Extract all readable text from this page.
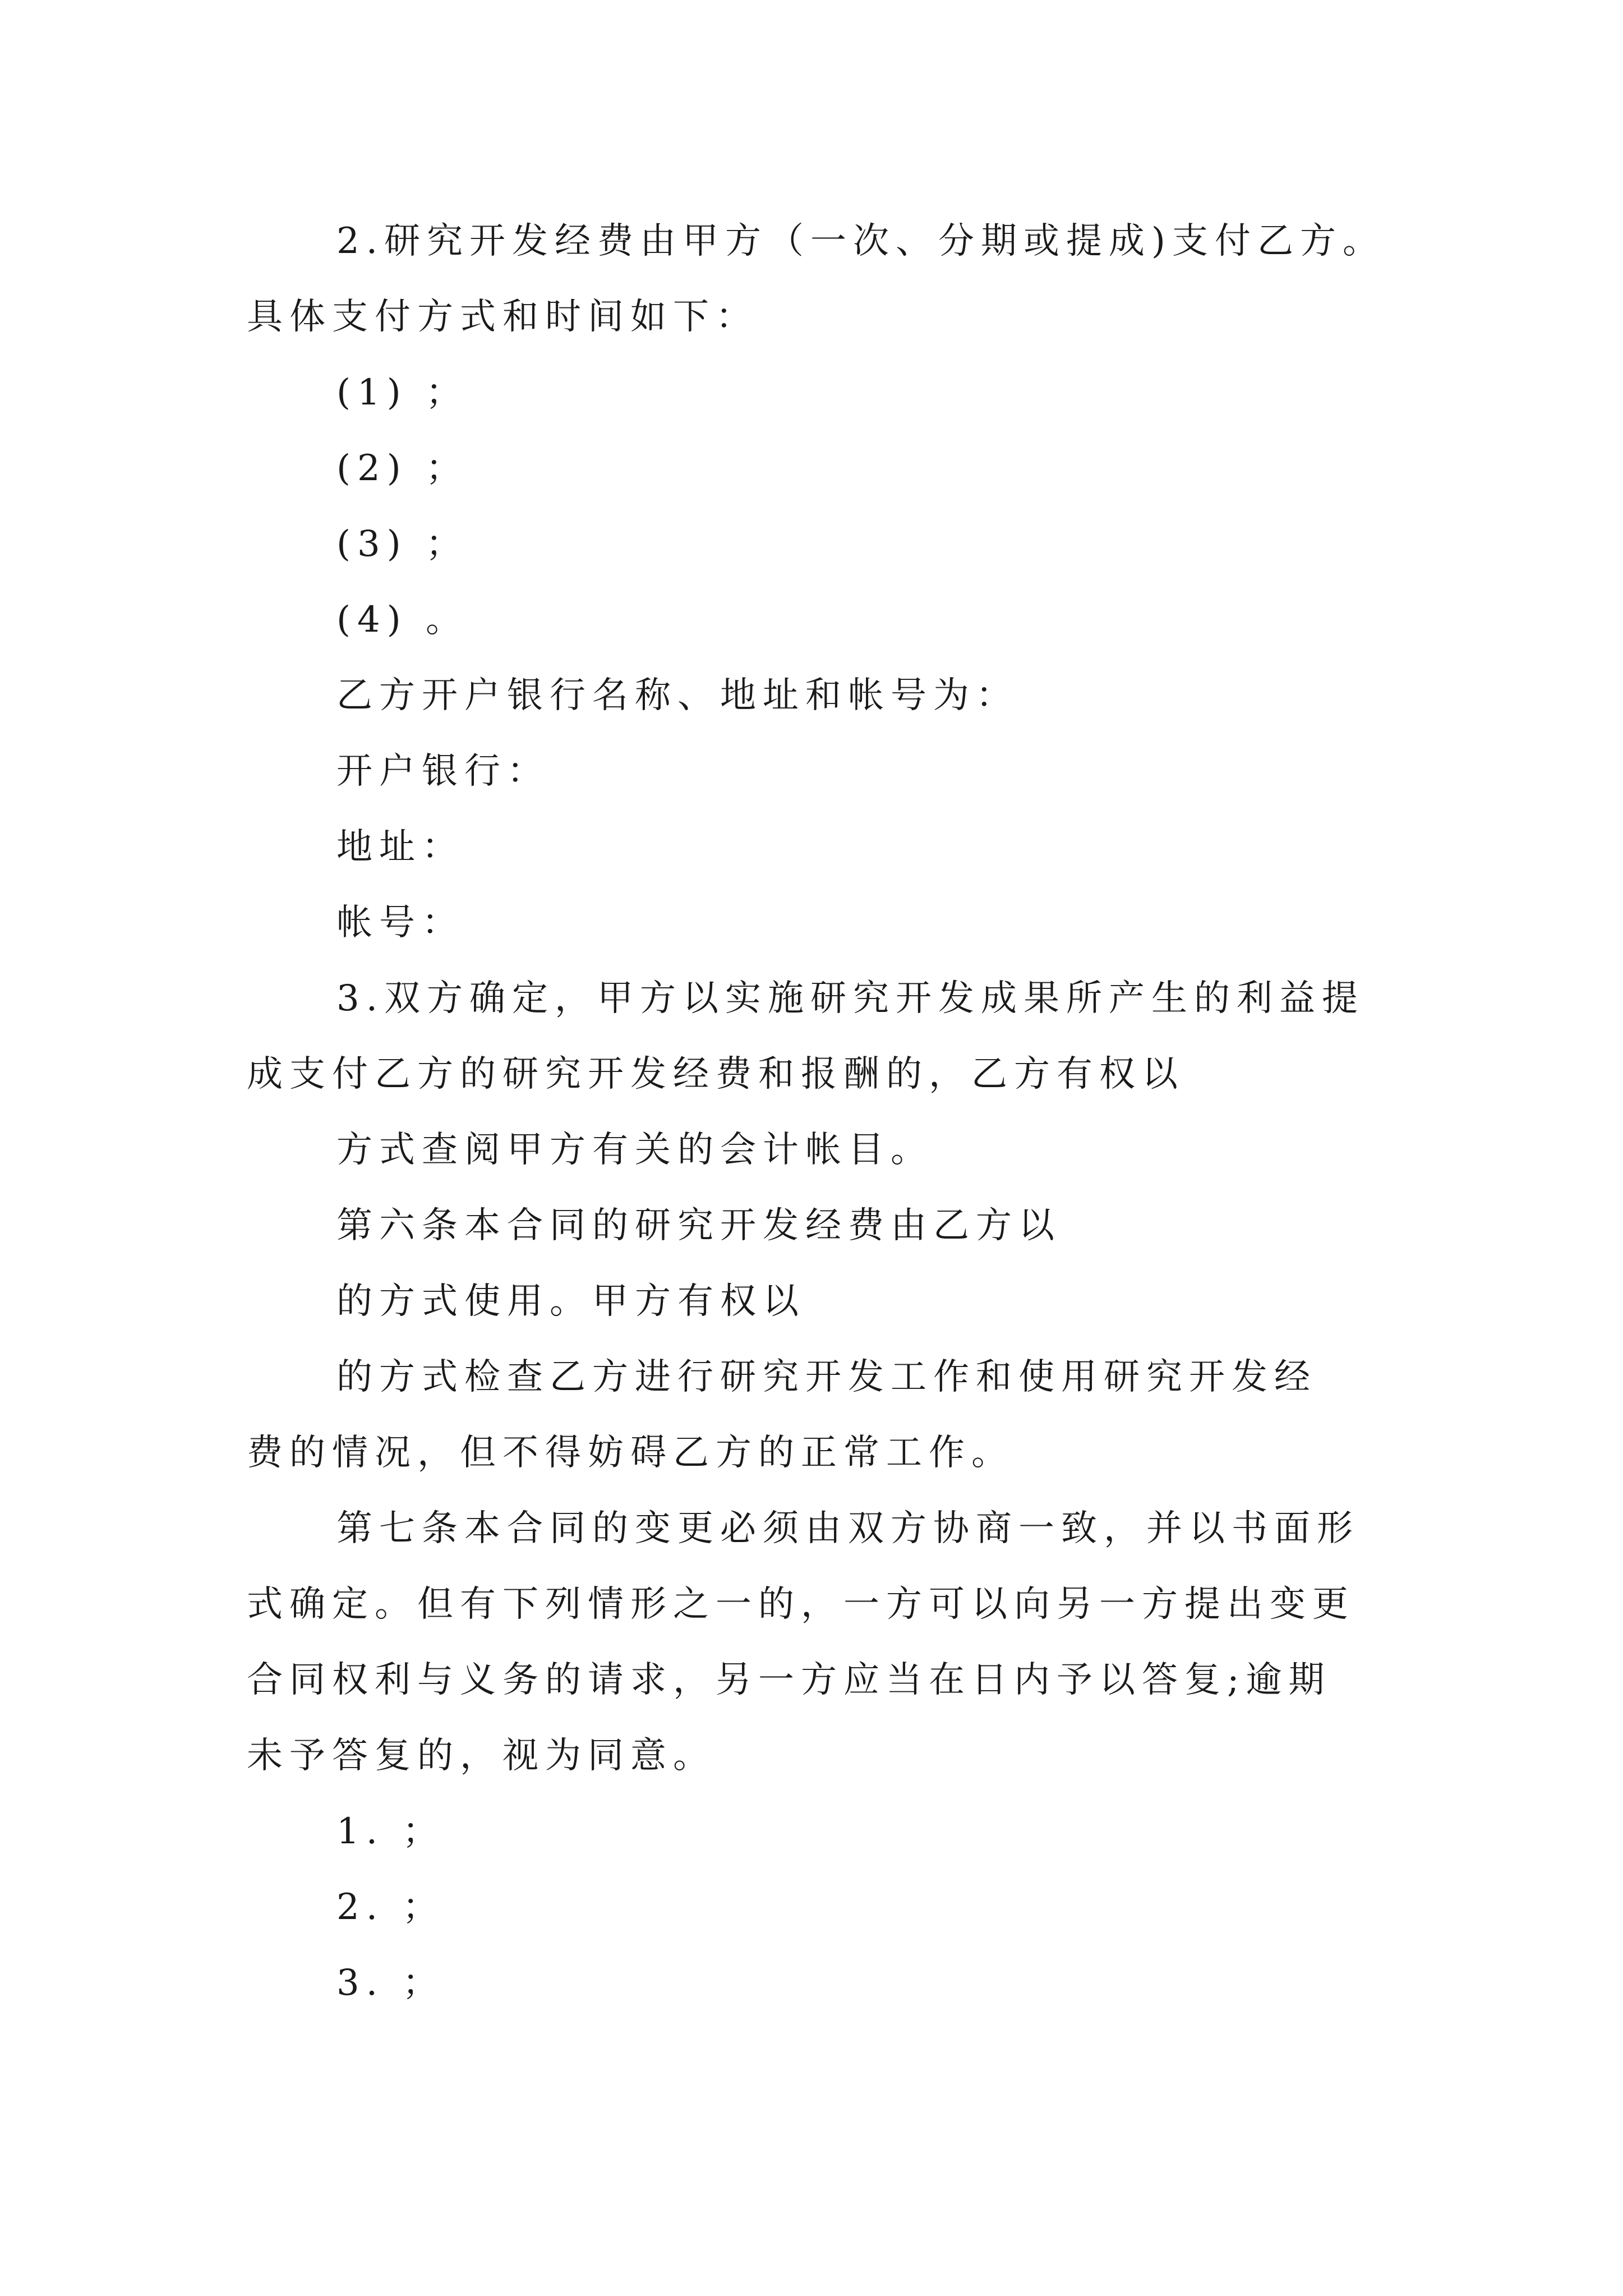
2.研究开发经费由甲方（一次、分期或提成)支付乙方。
具体支付方式和时间如下：
(1) ；
(2) ；
(3) ；
(4) 。
乙方开户银行名称、地址和帐号为：
开户银行：
地址：
帐号：
3.双方确定，甲方以实施研究开发成果所产生的利益提
成支付乙方的研究开发经费和报酬的，乙方有权以
方式查阅甲方有关的会计帐目。
第六条本合同的研究开发经费由乙方以
的方式使用。甲方有权以
的方式检查乙方进行研究开发工作和使用研究开发经
费的情况，但不得妨碍乙方的正常工作。
第七条本合同的变更必须由双方协商一致，并以书面形
式确定。但有下列情形之一的，一方可以向另一方提出变更
合同权利与义务的请求，另一方应当在日内予以答复;逾期
未予答复的，视为同意。
1. ；
2. ；
3. ；
